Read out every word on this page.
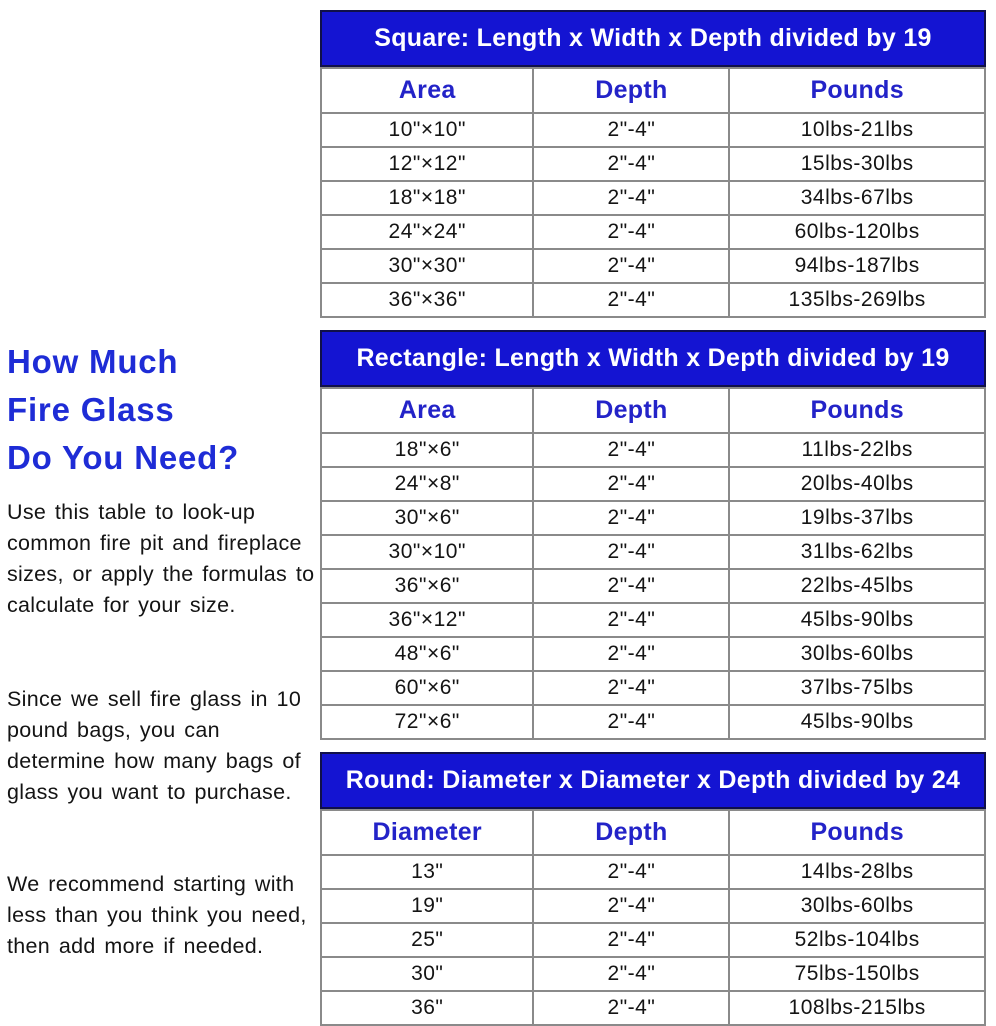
How Much
Fire Glass
Do You Need?

Use this table to look-up common fire pit and fireplace sizes, or apply the formulas to calculate for your size.

Since we sell fire glass in 10 pound bags, you can determine how many bags of glass you want to purchase.

We recommend starting with less than you think you need, then add more if needed.

Square: Length x Width x Depth divided by 19
Area	Depth	Pounds
10"×10"	2"-4"	10lbs-21lbs
12"×12"	2"-4"	15lbs-30lbs
18"×18"	2"-4"	34lbs-67lbs
24"×24"	2"-4"	60lbs-120lbs
30"×30"	2"-4"	94lbs-187lbs
36"×36"	2"-4"	135lbs-269lbs
Rectangle: Length x Width x Depth divided by 19
Area	Depth	Pounds
18"×6"	2"-4"	11lbs-22lbs
24"×8"	2"-4"	20lbs-40lbs
30"×6"	2"-4"	19lbs-37lbs
30"×10"	2"-4"	31lbs-62lbs
36"×6"	2"-4"	22lbs-45lbs
36"×12"	2"-4"	45lbs-90lbs
48"×6"	2"-4"	30lbs-60lbs
60"×6"	2"-4"	37lbs-75lbs
72"×6"	2"-4"	45lbs-90lbs
Round: Diameter x Diameter x Depth divided by 24
Diameter	Depth	Pounds
13"	2"-4"	14lbs-28lbs
19"	2"-4"	30lbs-60lbs
25"	2"-4"	52lbs-104lbs
30"	2"-4"	75lbs-150lbs
36"	2"-4"	108lbs-215lbs
